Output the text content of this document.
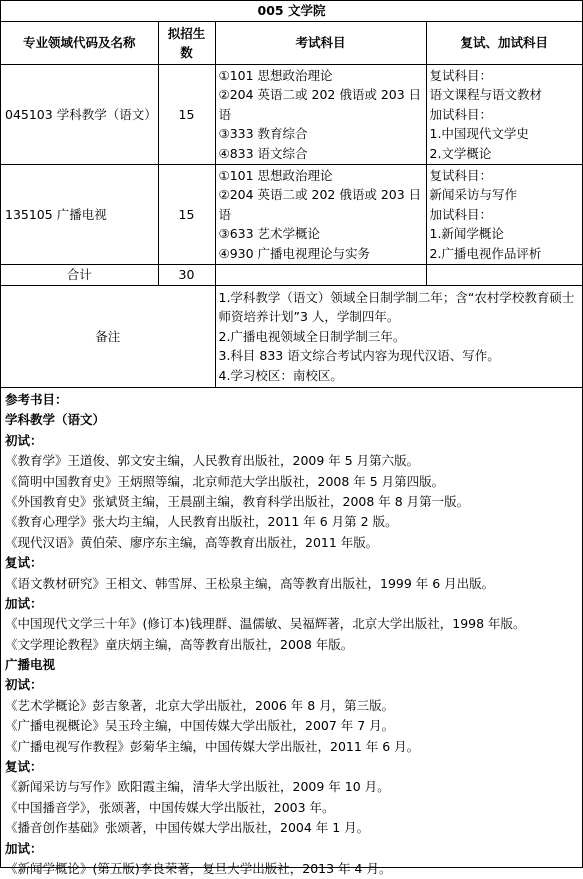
005 文学院			
专业领域代码及名称	拟招生数	考试科目	复试、加试科目
045103 学科教学（语文）	15	①101 思想政治理论
②204 英语二或 202 俄语或 203 日语
③333 教育综合
④833 语文综合	复试科目：
语文课程与语文教材
加试科目：
1.中国现代文学史
2.文学概论

135105 广播电视	15	①101 思想政治理论
②204 英语二或 202 俄语或 203 日语
③633 艺术学概论
④930 广播电视理论与实务	复试科目：
新闻采访与写作
加试科目：
1.新闻学概论
2.广播电视作品评析

合计	30		
备注		1.学科教学（语文）领域全日制学制二年；含“农村学校教育硕士师资培养计划”3 人，学制四年。
2.广播电视领域全日制学制三年。
3.科目 833 语文综合考试内容为现代汉语、写作。
4.学习校区：南校区。	
参考书目：
学科教学（语文）
初试：
《教育学》王道俊、郭文安主编，人民教育出版社，2009 年 5 月第六版。
《简明中国教育史》王炳照等编，北京师范大学出版社，2008 年 5 月第四版。
《外国教育史》张斌贤主编，王晨副主编，教育科学出版社，2008 年 8 月第一版。
《教育心理学》张大均主编，人民教育出版社，2011 年 6 月第 2 版。
《现代汉语》黄伯荣、廖序东主编，高等教育出版社，2011 年版。
复试：
《语文教材研究》王相文、韩雪屏、王松泉主编，高等教育出版社，1999 年 6 月出版。
加试：
《中国现代文学三十年》(修订本)钱理群、温儒敏、吴福辉著，北京大学出版社，1998 年版。
《文学理论教程》童庆炳主编，高等教育出版社，2008 年版。
广播电视
初试：
《艺术学概论》彭吉象著，北京大学出版社，2006 年 8 月，第三版。
《广播电视概论》吴玉玲主编，中国传媒大学出版社，2007 年 7 月。
《广播电视写作教程》彭菊华主编，中国传媒大学出版社，2011 年 6 月。
复试：
《新闻采访与写作》欧阳霞主编，清华大学出版社，2009 年 10 月。
《中国播音学》，张颂著，中国传媒大学出版社，2003 年。
《播音创作基础》张颂著，中国传媒大学出版社，2004 年 1 月。
加试：
《新闻学概论》(第五版)李良荣著，复旦大学出版社，2013 年 4 月。
